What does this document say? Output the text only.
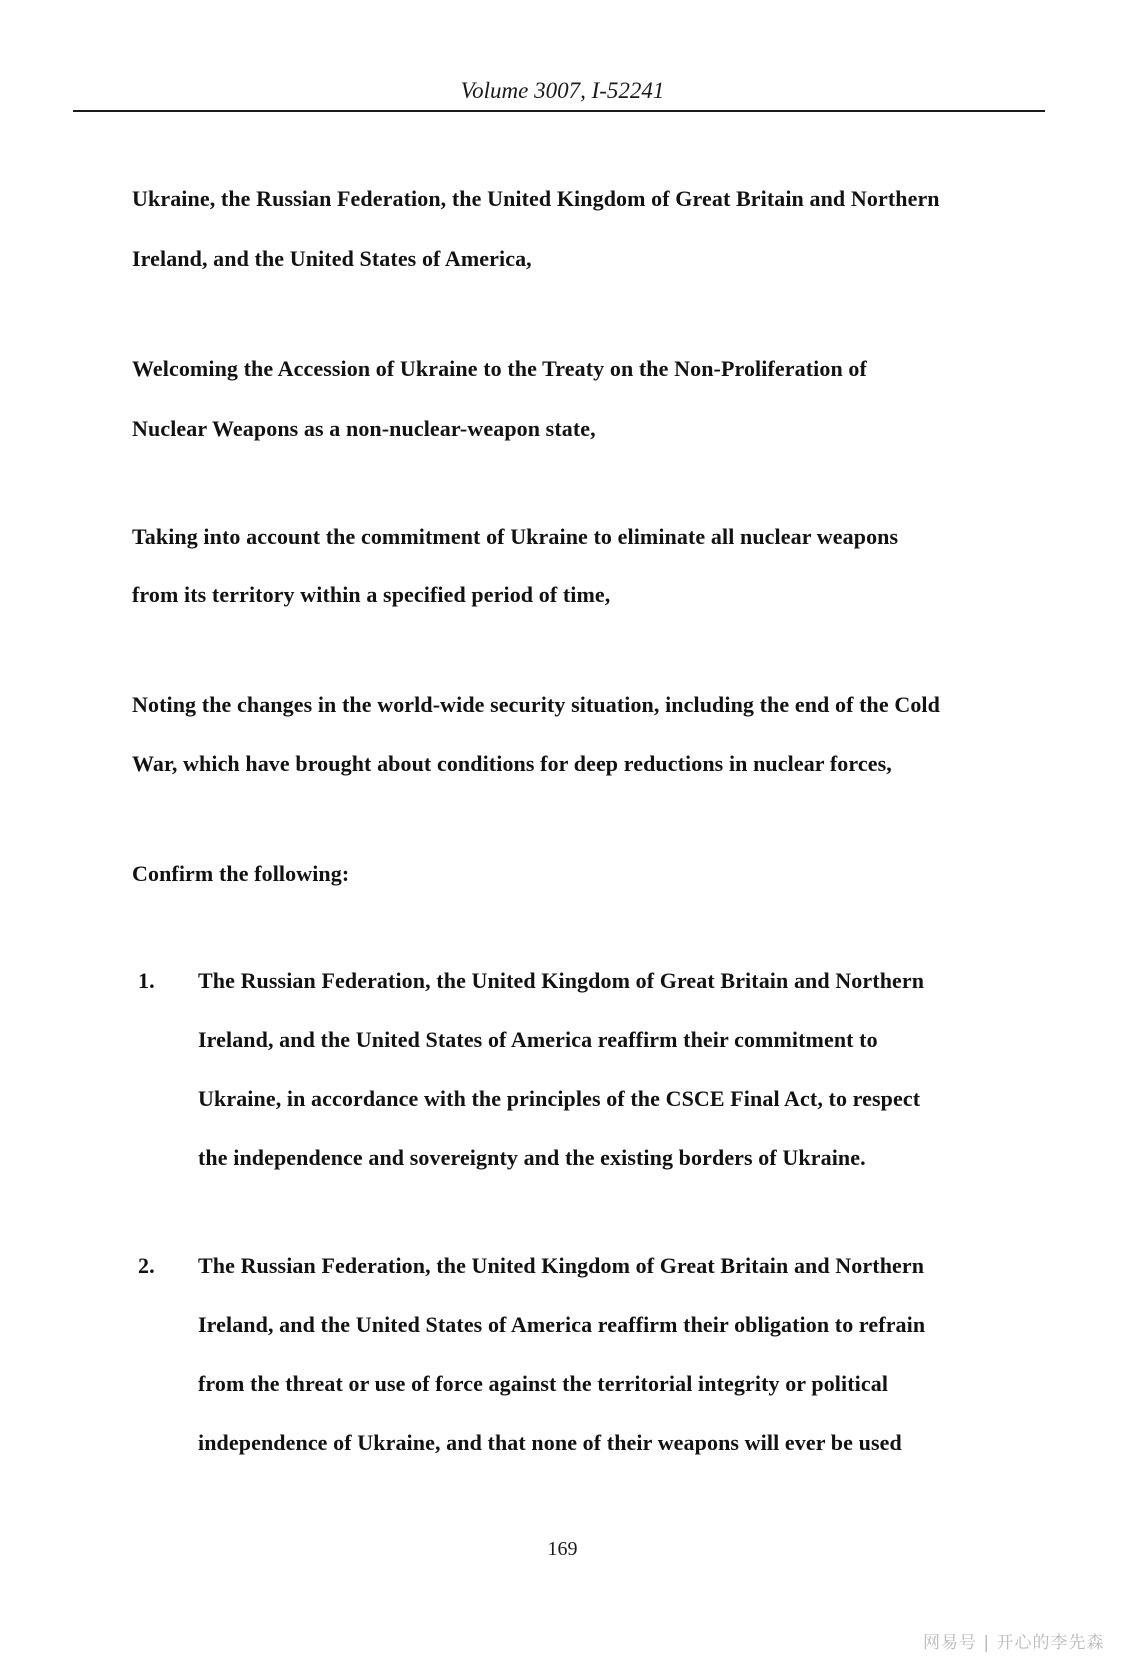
Volume 3007, I-52241
Ukraine, the Russian Federation, the United Kingdom of Great Britain and Northern
Ireland, and the United States of America,
Welcoming the Accession of Ukraine to the Treaty on the Non-Proliferation of
Nuclear Weapons as a non-nuclear-weapon state,
Taking into account the commitment of Ukraine to eliminate all nuclear weapons
from its territory within a specified period of time,
Noting the changes in the world-wide security situation, including the end of the Cold
War, which have brought about conditions for deep reductions in nuclear forces,
Confirm the following:
1. The Russian Federation, the United Kingdom of Great Britain and Northern
Ireland, and the United States of America reaffirm their commitment to
Ukraine, in accordance with the principles of the CSCE Final Act, to respect
the independence and sovereignty and the existing borders of Ukraine.
2. The Russian Federation, the United Kingdom of Great Britain and Northern
Ireland, and the United States of America reaffirm their obligation to refrain
from the threat or use of force against the territorial integrity or political
independence of Ukraine, and that none of their weapons will ever be used
169
网易号 | 开心的李先森
